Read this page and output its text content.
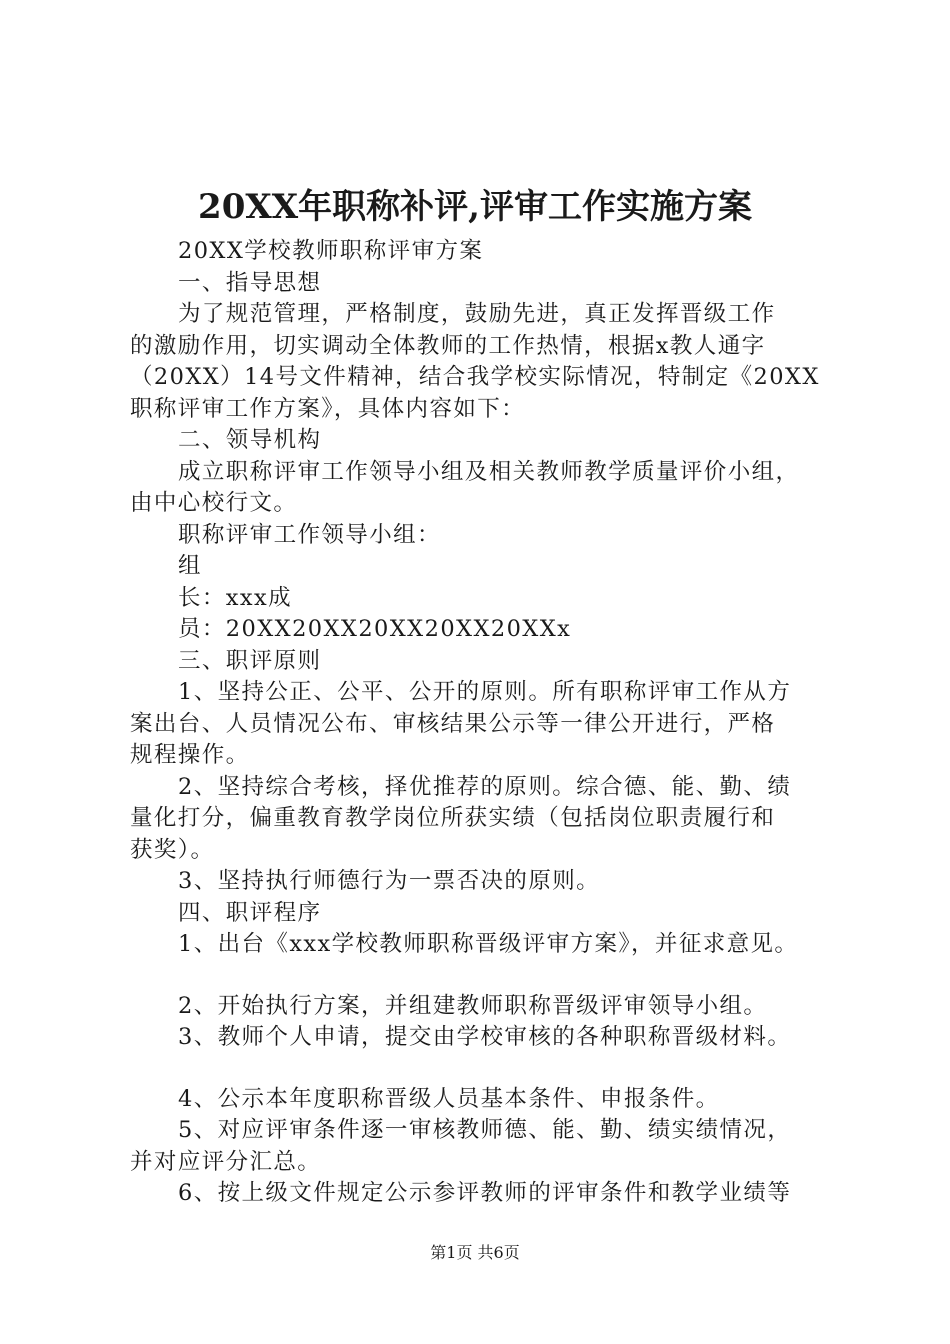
20XX年职称补评,评审工作实施方案
20XX学校教师职称评审方案
一、指导思想
为了规范管理，严格制度，鼓励先进，真正发挥晋级工作
的激励作用，切实调动全体教师的工作热情，根据x教人通字
（20XX）14号文件精神，结合我学校实际情况，特制定《20XX
职称评审工作方案》，具体内容如下：
二、领导机构
成立职称评审工作领导小组及相关教师教学质量评价小组，
由中心校行文。
职称评审工作领导小组：
组
长：xxx成
员：20XX20XX20XX20XX20XXx
三、职评原则
1、坚持公正、公平、公开的原则。所有职称评审工作从方
案出台、人员情况公布、审核结果公示等一律公开进行，严格
规程操作。
2、坚持综合考核，择优推荐的原则。综合德、能、勤、绩
量化打分，偏重教育教学岗位所获实绩（包括岗位职责履行和
获奖）。
3、坚持执行师德行为一票否决的原则。
四、职评程序
1、出台《xxx学校教师职称晋级评审方案》，并征求意见。
2、开始执行方案，并组建教师职称晋级评审领导小组。
3、教师个人申请，提交由学校审核的各种职称晋级材料。
4、公示本年度职称晋级人员基本条件、申报条件。
5、对应评审条件逐一审核教师德、能、勤、绩实绩情况，
并对应评分汇总。
6、按上级文件规定公示参评教师的评审条件和教学业绩等
第1页 共6页
